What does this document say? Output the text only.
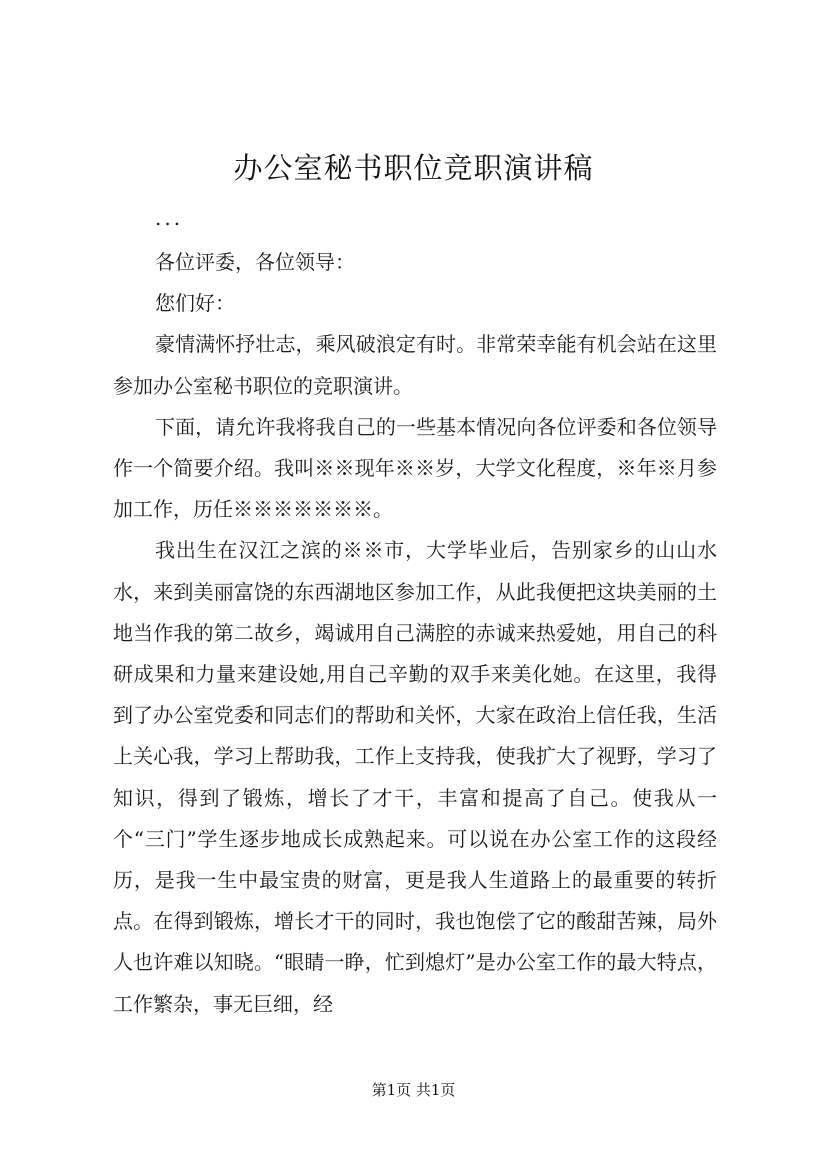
办公室秘书职位竞职演讲稿

...

各位评委，各位领导：

您们好：

豪情满怀抒壮志，乘风破浪定有时。非常荣幸能有机会站在这里参加办公室秘书职位的竞职演讲。

下面，请允许我将我自己的一些基本情况向各位评委和各位领导作一个简要介绍。我叫※※现年※※岁，大学文化程度，※年※月参加工作，历任※※※※※※※。

我出生在汉江之滨的※※市，大学毕业后，告别家乡的山山水水，来到美丽富饶的东西湖地区参加工作，从此我便把这块美丽的土地当作我的第二故乡，竭诚用自己满腔的赤诚来热爱她，用自己的科研成果和力量来建设她,用自己辛勤的双手来美化她。在这里，我得到了办公室党委和同志们的帮助和关怀，大家在政治上信任我，生活上关心我，学习上帮助我，工作上支持我，使我扩大了视野，学习了知识，得到了锻炼，增长了才干，丰富和提高了自己。使我从一个“三门”学生逐步地成长成熟起来。可以说在办公室工作的这段经历，是我一生中最宝贵的财富，更是我人生道路上的最重要的转折点。在得到锻炼，增长才干的同时，我也饱偿了它的酸甜苦辣，局外人也许难以知晓。“眼睛一睁，忙到熄灯”是办公室工作的最大特点，工作繁杂，事无巨细，经

第1页 共1页
